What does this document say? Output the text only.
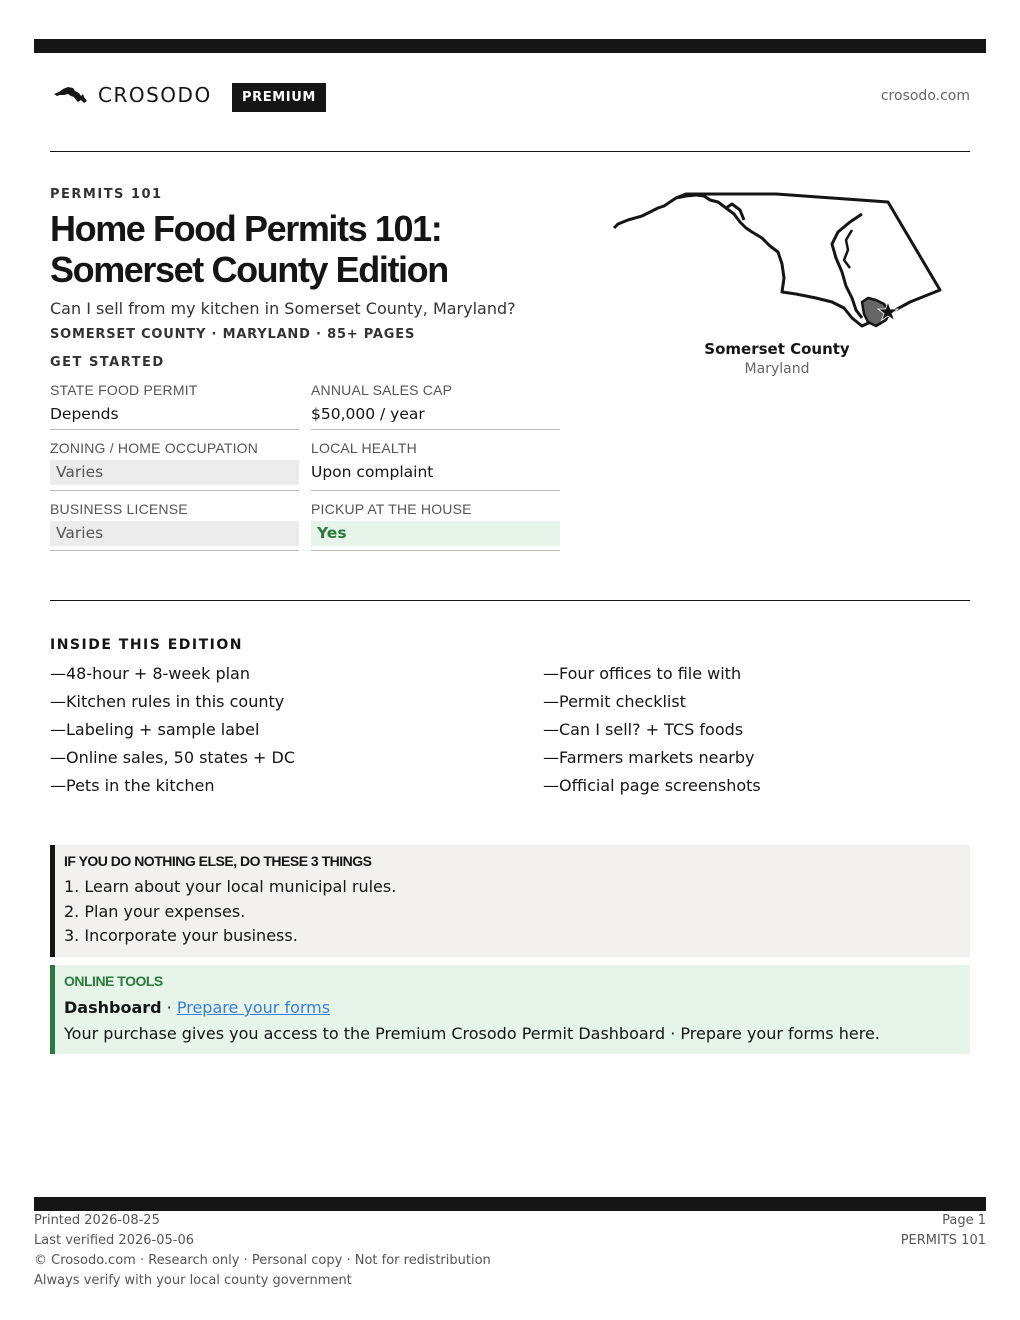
CROSODO	PREMIUM	crosodo.com
PERMITS 101
Home Food Permits 101:
Somerset County Edition
Can I sell from my kitchen in Somerset County, Maryland?
SOMERSET COUNTY · MARYLAND · 85+ PAGES
GET STARTED
STATE FOOD PERMIT
Depends
ANNUAL SALES CAP
$50,000 / year
ZONING / HOME OCCUPATION
Varies
LOCAL HEALTH
Upon complaint
BUSINESS LICENSE
Varies
PICKUP AT THE HOUSE
Yes
Somerset County
Maryland
INSIDE THIS EDITION
—48-hour + 8-week plan
—Kitchen rules in this county
—Labeling + sample label
—Online sales, 50 states + DC
—Pets in the kitchen
—Four offices to file with
—Permit checklist
—Can I sell? + TCS foods
—Farmers markets nearby
—Official page screenshots
IF YOU DO NOTHING ELSE, DO THESE 3 THINGS
1. Learn about your local municipal rules.
2. Plan your expenses.
3. Incorporate your business.
ONLINE TOOLS
Dashboard · Prepare your forms
Your purchase gives you access to the Premium Crosodo Permit Dashboard · Prepare your forms here.
Printed 2026-08-25
Last verified 2026-05-06
© Crosodo.com · Research only · Personal copy · Not for redistribution
Always verify with your local county government
Page 1
PERMITS 101
